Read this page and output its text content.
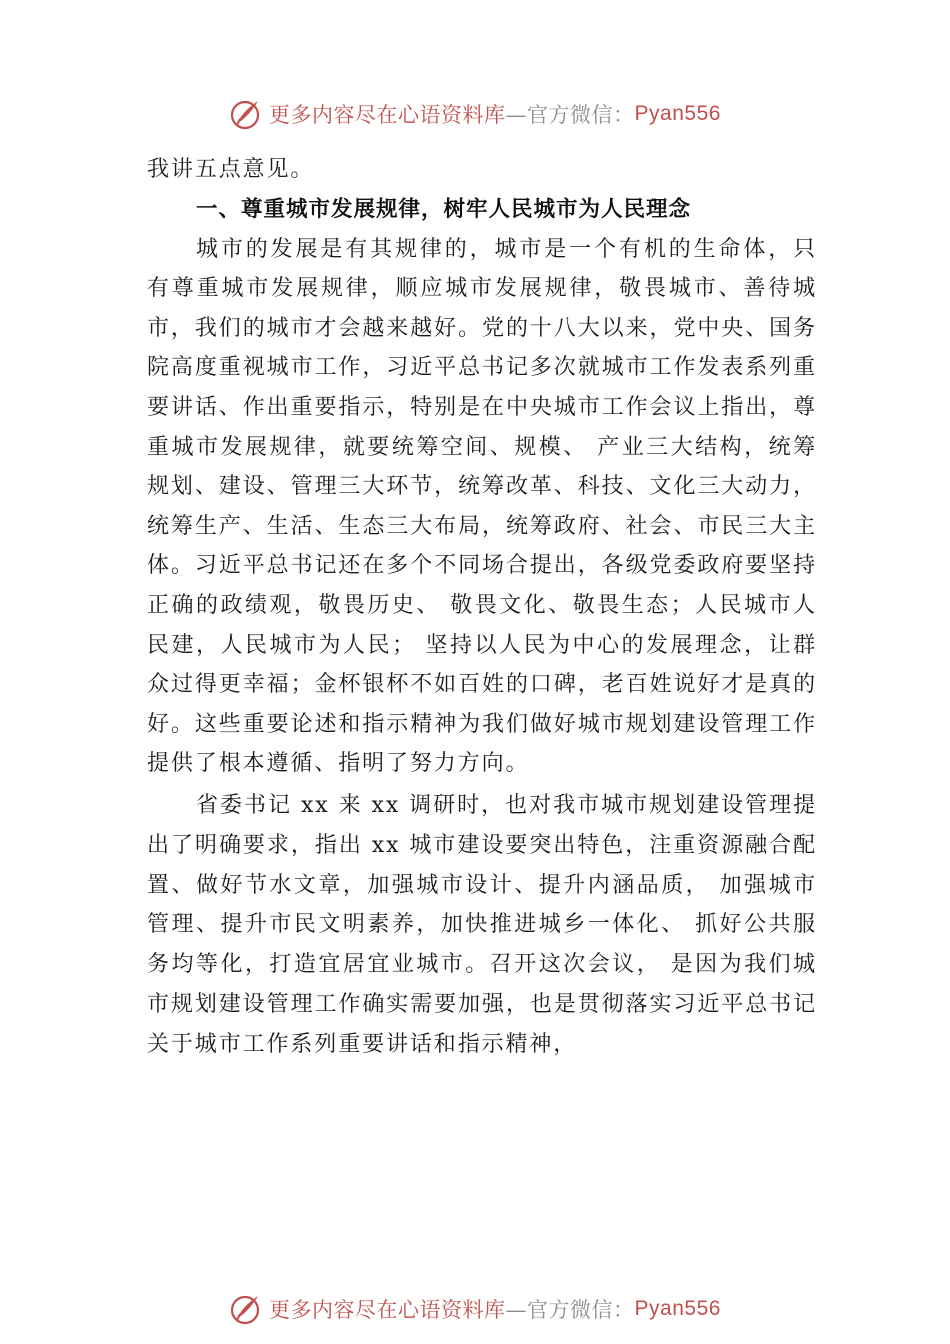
更多内容尽在心语资料库 —官方微信： Pyan556

我讲五点意见。

一、尊重城市发展规律，树牢人民城市为人民理念

城市的发展是有其规律的，城市是一个有机的生命体，只有尊重城市发展规律，顺应城市发展规律，敬畏城市、善待城市，我们的城市才会越来越好。党的十八大以来，党中央、国务院高度重视城市工作，习近平总书记多次就城市工作发表系列重要讲话、作出重要指示，特别是在中央城市工作会议上指出，尊重城市发展规律，就要统筹空间、规模、 产业三大结构，统筹规划、建设、管理三大环节，统筹改革、科技、文化三大动力，统筹生产、生活、生态三大布局，统筹政府、社会、市民三大主体。习近平总书记还在多个不同场合提出，各级党委政府要坚持正确的政绩观，敬畏历史、 敬畏文化、敬畏生态；人民城市人民建，人民城市为人民； 坚持以人民为中心的发展理念，让群众过得更幸福；金杯银杯不如百姓的口碑，老百姓说好才是真的好。这些重要论述和指示精神为我们做好城市规划建设管理工作提供了根本遵循、指明了努力方向。

省委书记 xx 来 xx 调研时，也对我市城市规划建设管理提出了明确要求，指出 xx 城市建设要突出特色，注重资源融合配置、做好节水文章，加强城市设计、提升内涵品质， 加强城市管理、提升市民文明素养，加快推进城乡一体化、 抓好公共服务均等化，打造宜居宜业城市。召开这次会议， 是因为我们城市规划建设管理工作确实需要加强，也是贯彻落实习近平总书记关于城市工作系列重要讲话和指示精神，

更多内容尽在心语资料库 —官方微信： Pyan556
